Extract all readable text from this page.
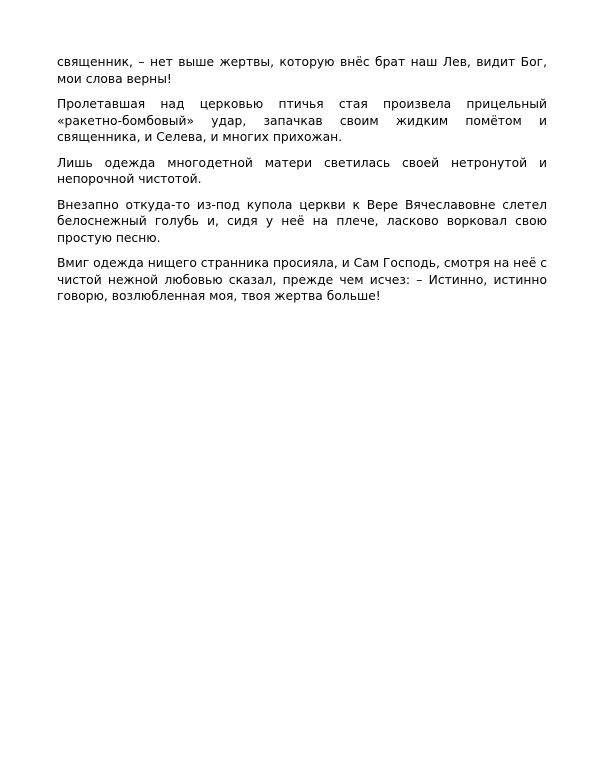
священник, – нет выше жертвы, которую внёс брат наш Лев, видит Бог, мои слова верны!

Пролетавшая над церковью птичья стая произвела прицельный «ракетно-бомбовый» удар, запачкав своим жидким помётом и священника, и Селева, и многих прихожан.

Лишь одежда многодетной матери светилась своей нетронутой и непорочной чистотой.

Внезапно откуда-то из-под купола церкви к Вере Вячеславовне слетел белоснежный голубь и, сидя у неё на плече, ласково ворковал свою простую песню.

Вмиг одежда нищего странника просияла, и Сам Господь, смотря на неё с чистой нежной любовью сказал, прежде чем исчез: – Истинно, истинно говорю, возлюбленная моя, твоя жертва больше!
